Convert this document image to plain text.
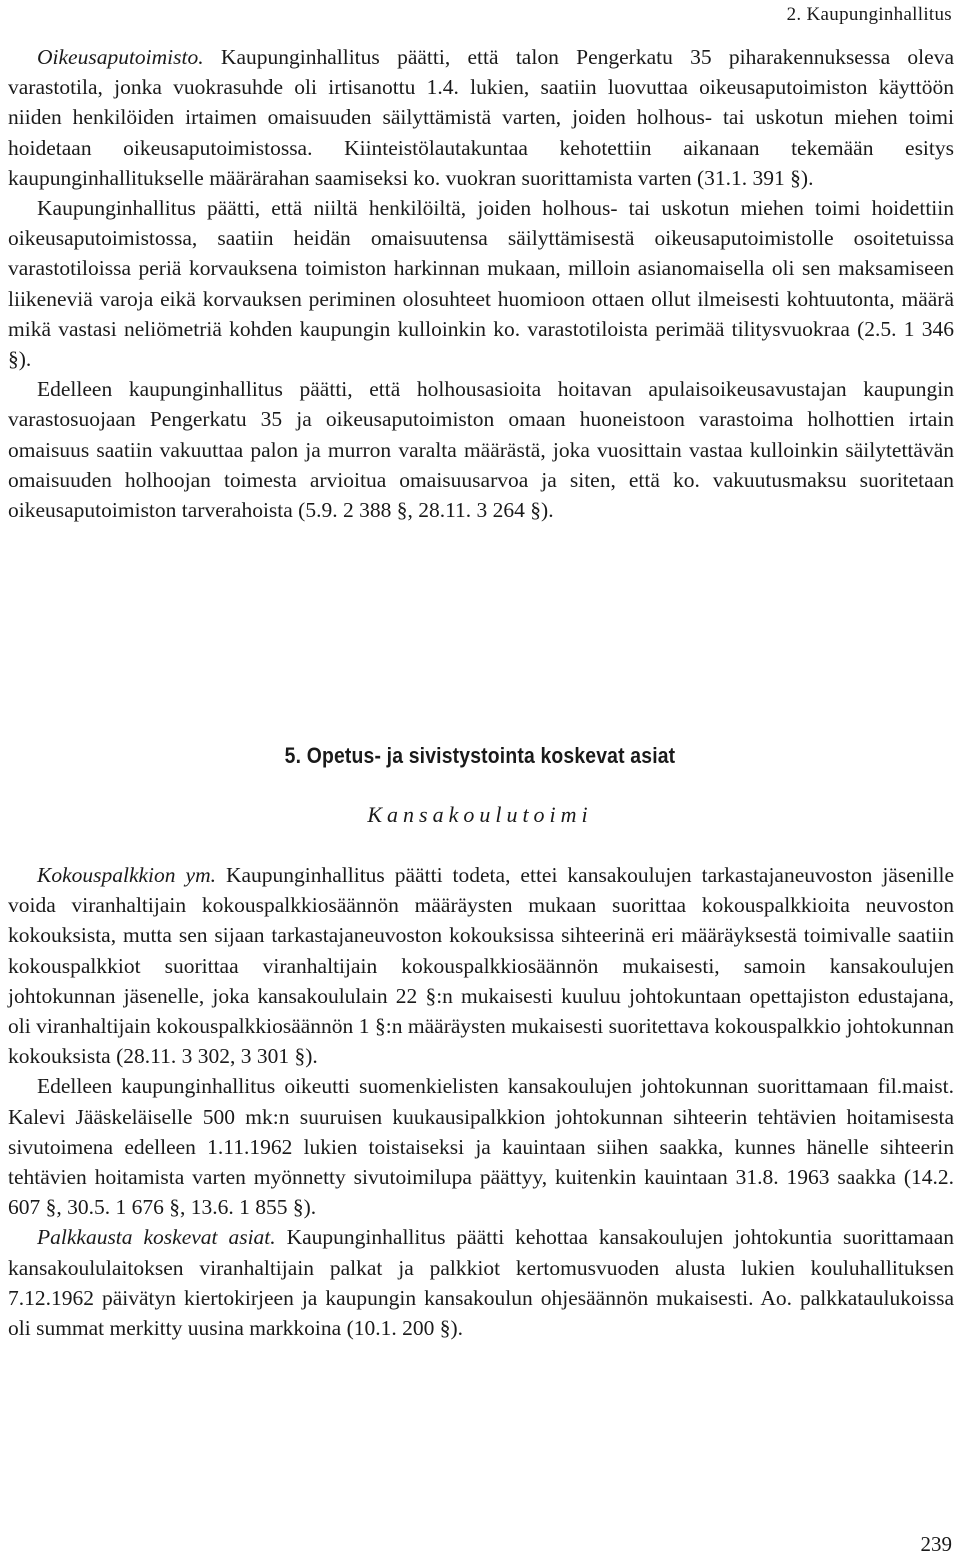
2. Kaupunginhallitus

Oikeusaputoimisto. Kaupunginhallitus päätti, että talon Pengerkatu 35 piharakennuksessa oleva varastotila, jonka vuokrasuhde oli irtisanottu 1.4. lukien, saatiin luovuttaa oikeusaputoimiston käyttöön niiden henkilöiden irtaimen omaisuuden säilyttämistä varten, joiden holhous- tai uskotun miehen toimi hoidetaan oikeusaputoimistossa. Kiinteistölautakuntaa kehotettiin aikanaan tekemään esitys kaupunginhallitukselle määrärahan saamiseksi ko. vuokran suorittamista varten (31.1. 391 §).

Kaupunginhallitus päätti, että niiltä henkilöiltä, joiden holhous- tai uskotun miehen toimi hoidettiin oikeusaputoimistossa, saatiin heidän omaisuutensa säilyttämisestä oikeusaputoimistolle osoitetuissa varastotiloissa periä korvauksena toimiston harkinnan mukaan, milloin asianomaisella oli sen maksamiseen liikeneviä varoja eikä korvauksen periminen olosuhteet huomioon ottaen ollut ilmeisesti kohtuutonta, määrä mikä vastasi neliömetriä kohden kaupungin kulloinkin ko. varastotiloista perimää tilitysvuokraa (2.5. 1 346 §).

Edelleen kaupunginhallitus päätti, että holhousasioita hoitavan apulaisoikeusavustajan kaupungin varastosuojaan Pengerkatu 35 ja oikeusaputoimiston omaan huoneistoon varastoima holhottien irtain omaisuus saatiin vakuuttaa palon ja murron varalta määrästä, joka vuosittain vastaa kulloinkin säilytettävän omaisuuden holhoojan toimesta arvioitua omaisuusarvoa ja siten, että ko. vakuutusmaksu suoritetaan oikeusaputoimiston tarverahoista (5.9. 2 388 §, 28.11. 3 264 §).

5. Opetus- ja sivistystointa koskevat asiat
Kansakoulutoimi

Kokouspalkkion ym. Kaupunginhallitus päätti todeta, ettei kansakoulujen tarkastajaneuvoston jäsenille voida viranhaltijain kokouspalkkiosäännön määräysten mukaan suorittaa kokouspalkkioita neuvoston kokouksista, mutta sen sijaan tarkastajaneuvoston kokouksissa sihteerinä eri määräyksestä toimivalle saatiin kokouspalkkiot suorittaa viranhaltijain kokouspalkkiosäännön mukaisesti, samoin kansakoulujen johtokunnan jäsenelle, joka kansakoululain 22 §:n mukaisesti kuuluu johtokuntaan opettajiston edustajana, oli viranhaltijain kokouspalkkiosäännön 1 §:n määräysten mukaisesti suoritettava kokouspalkkio johtokunnan kokouksista (28.11. 3 302, 3 301 §).

Edelleen kaupunginhallitus oikeutti suomenkielisten kansakoulujen johtokunnan suorittamaan fil.maist. Kalevi Jääskeläiselle 500 mk:n suuruisen kuukausipalkkion johtokunnan sihteerin tehtävien hoitamisesta sivutoimena edelleen 1.11.1962 lukien toistaiseksi ja kauintaan siihen saakka, kunnes hänelle sihteerin tehtävien hoitamista varten myönnetty sivutoimilupa päättyy, kuitenkin kauintaan 31.8. 1963 saakka (14.2. 607 §, 30.5. 1 676 §, 13.6. 1 855 §).

Palkkausta koskevat asiat. Kaupunginhallitus päätti kehottaa kansakoulujen johtokuntia suorittamaan kansakoululaitoksen viranhaltijain palkat ja palkkiot kertomusvuoden alusta lukien kouluhallituksen 7.12.1962 päivätyn kiertokirjeen ja kaupungin kansakoulun ohjesäännön mukaisesti. Ao. palkkataulukoissa oli summat merkitty uusina markkoina (10.1. 200 §).

239
